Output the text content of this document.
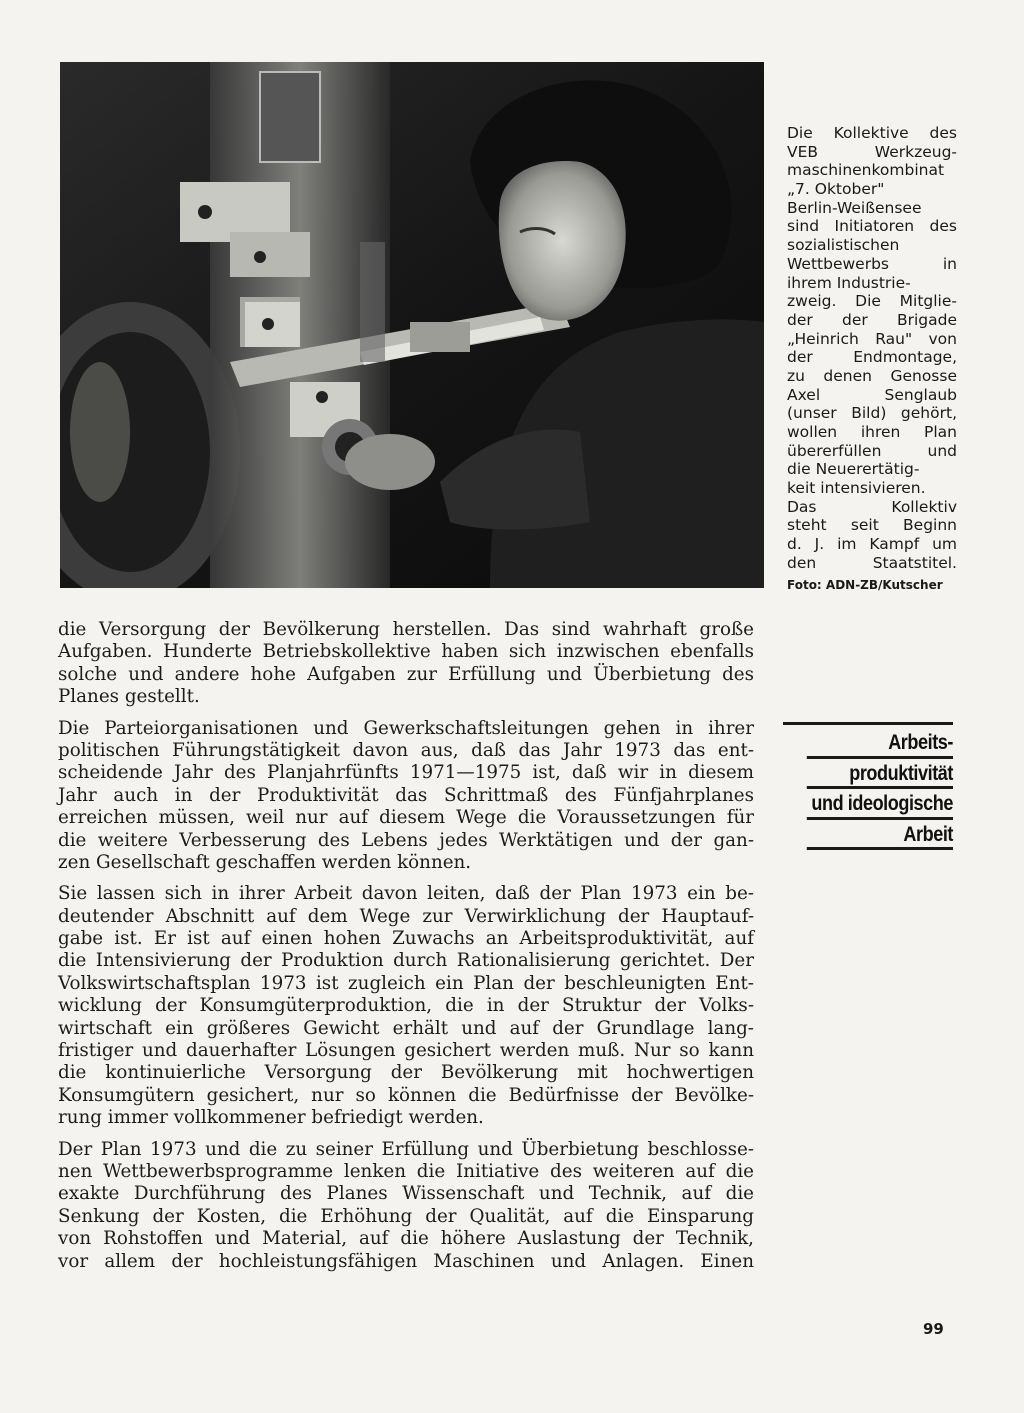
Die Kollektive des
VEB Werkzeug-
maschinenkombinat
„7. Oktober"
Berlin-Weißensee
sind Initiatoren des
sozialistischen
Wettbewerbs in
ihrem Industrie-
zweig. Die Mitglie-
der der Brigade
„Heinrich Rau" von
der Endmontage,
zu denen Genosse
Axel Senglaub
(unser Bild) gehört,
wollen ihren Plan
übererfüllen und
die Neuerertätig-
keit intensivieren.
Das Kollektiv
steht seit Beginn
d. J. im Kampf um
den Staatstitel.
Foto: ADN-ZB/Kutscher
Arbeits-
produktivität
und ideologische
Arbeit
die Versorgung der Bevölkerung herstellen. Das sind wahrhaft große
Aufgaben. Hunderte Betriebskollektive haben sich inzwischen ebenfalls
solche und andere hohe Aufgaben zur Erfüllung und Überbietung des
Planes gestellt.
Die Parteiorganisationen und Gewerkschaftsleitungen gehen in ihrer
politischen Führungstätigkeit davon aus, daß das Jahr 1973 das ent-
scheidende Jahr des Planjahrfünfts 1971—1975 ist, daß wir in diesem
Jahr auch in der Produktivität das Schrittmaß des Fünfjahrplanes
erreichen müssen, weil nur auf diesem Wege die Voraussetzungen für
die weitere Verbesserung des Lebens jedes Werktätigen und der gan-
zen Gesellschaft geschaffen werden können.
Sie lassen sich in ihrer Arbeit davon leiten, daß der Plan 1973 ein be-
deutender Abschnitt auf dem Wege zur Verwirklichung der Hauptauf-
gabe ist. Er ist auf einen hohen Zuwachs an Arbeitsproduktivität, auf
die Intensivierung der Produktion durch Rationalisierung gerichtet. Der
Volkswirtschaftsplan 1973 ist zugleich ein Plan der beschleunigten Ent-
wicklung der Konsumgüterproduktion, die in der Struktur der Volks-
wirtschaft ein größeres Gewicht erhält und auf der Grundlage lang-
fristiger und dauerhafter Lösungen gesichert werden muß. Nur so kann
die kontinuierliche Versorgung der Bevölkerung mit hochwertigen
Konsumgütern gesichert, nur so können die Bedürfnisse der Bevölke-
rung immer vollkommener befriedigt werden.
Der Plan 1973 und die zu seiner Erfüllung und Überbietung beschlosse-
nen Wettbewerbsprogramme lenken die Initiative des weiteren auf die
exakte Durchführung des Planes Wissenschaft und Technik, auf die
Senkung der Kosten, die Erhöhung der Qualität, auf die Einsparung
von Rohstoffen und Material, auf die höhere Auslastung der Technik,
vor allem der hochleistungsfähigen Maschinen und Anlagen. Einen
99
